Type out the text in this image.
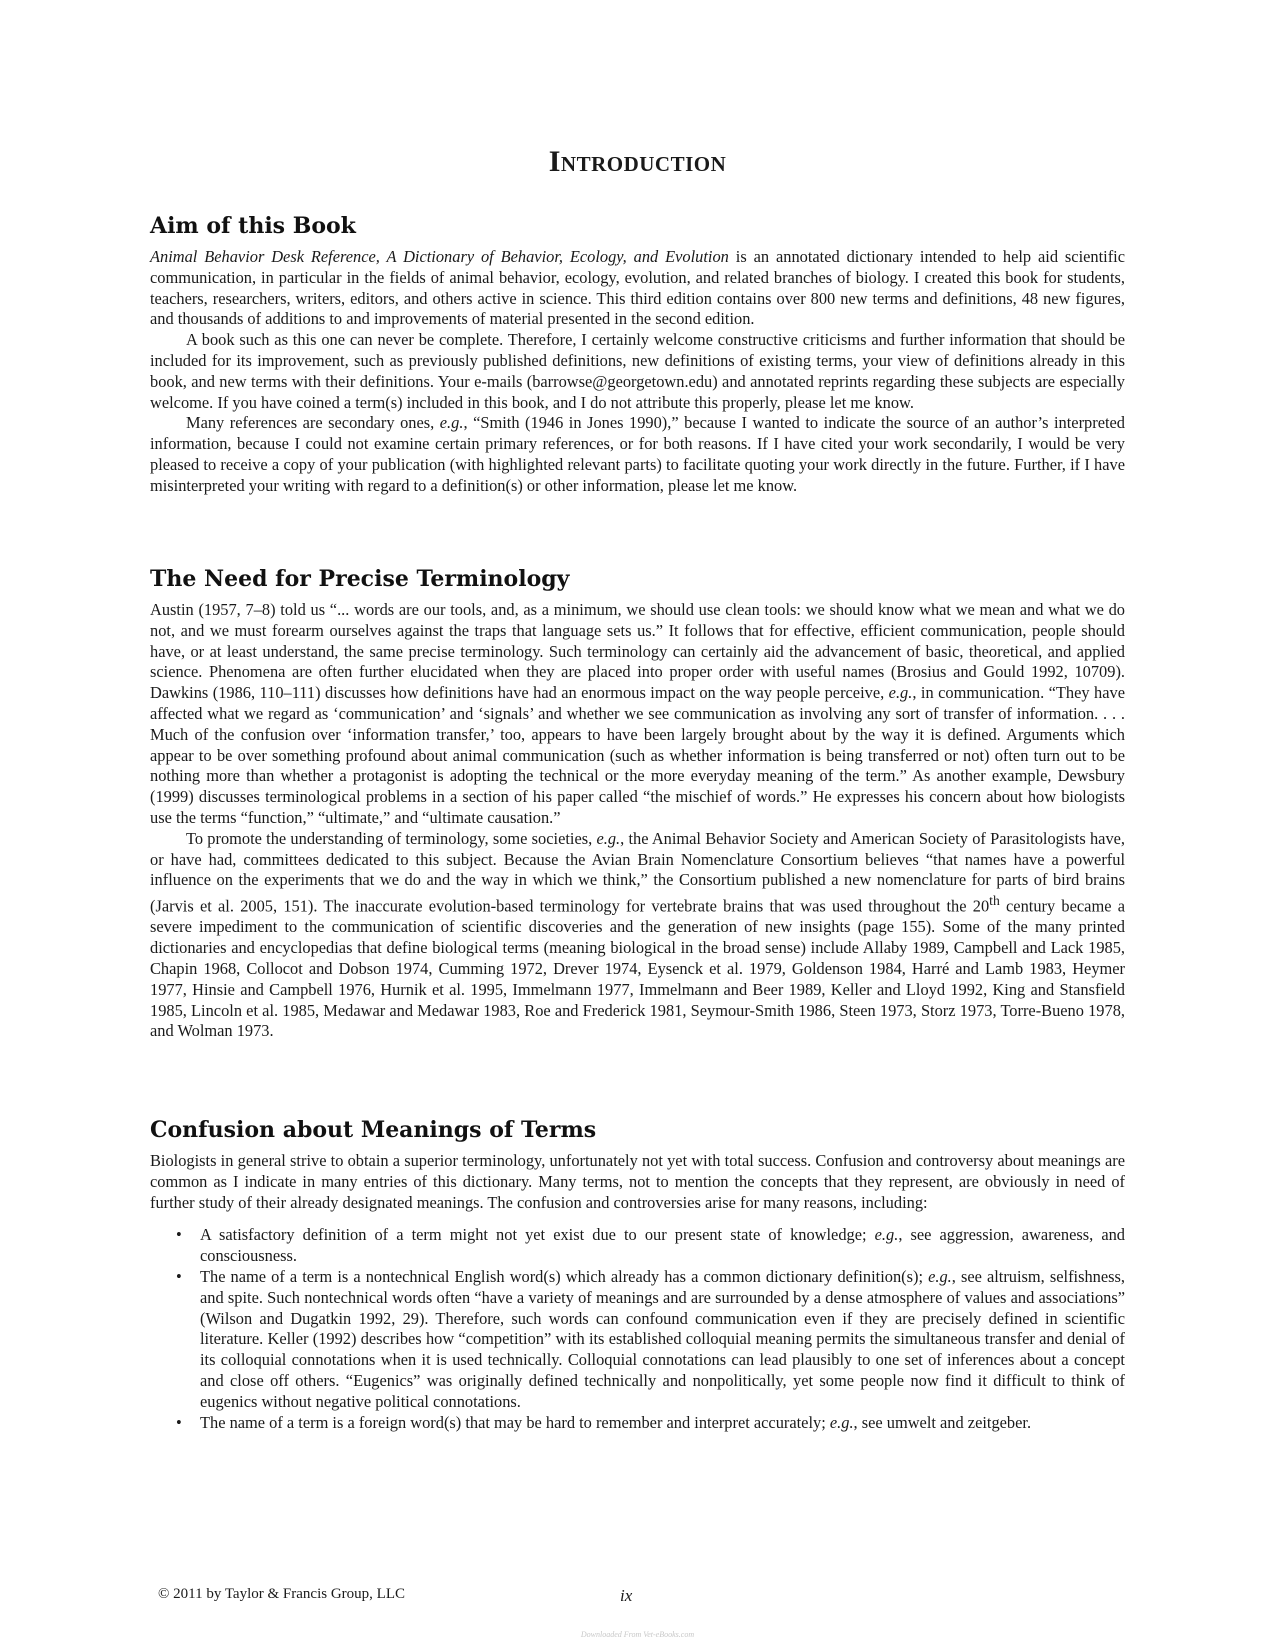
Introduction
Aim of this Book

Animal Behavior Desk Reference, A Dictionary of Behavior, Ecology, and Evolution is an annotated dictionary intended to help aid scientific communication, in particular in the fields of animal behavior, ecology, evolution, and related branches of biology. I created this book for students, teachers, researchers, writers, editors, and others active in science. This third edition contains over 800 new terms and definitions, 48 new figures, and thousands of additions to and improvements of material presented in the second edition.

A book such as this one can never be complete. Therefore, I certainly welcome constructive criticisms and further information that should be included for its improvement, such as previously published definitions, new definitions of existing terms, your view of definitions already in this book, and new terms with their definitions. Your e-mails (barrowse@georgetown.edu) and annotated reprints regarding these subjects are especially welcome. If you have coined a term(s) included in this book, and I do not attribute this properly, please let me know.

Many references are secondary ones, e.g., “Smith (1946 in Jones 1990),” because I wanted to indicate the source of an author’s interpreted information, because I could not examine certain primary references, or for both reasons. If I have cited your work secondarily, I would be very pleased to receive a copy of your publication (with highlighted relevant parts) to facilitate quoting your work directly in the future. Further, if I have misinterpreted your writing with regard to a definition(s) or other information, please let me know.

The Need for Precise Terminology

Austin (1957, 7–8) told us “... words are our tools, and, as a minimum, we should use clean tools: we should know what we mean and what we do not, and we must forearm ourselves against the traps that language sets us.” It follows that for effective, efficient communication, people should have, or at least understand, the same precise terminology. Such terminology can certainly aid the advancement of basic, theoretical, and applied science. Phenomena are often further elucidated when they are placed into proper order with useful names (Brosius and Gould 1992, 10709). Dawkins (1986, 110–111) discusses how definitions have had an enormous impact on the way people perceive, e.g., in communication. “They have affected what we regard as ‘communication’ and ‘signals’ and whether we see communication as involving any sort of transfer of information. . . . Much of the confusion over ‘information transfer,’ too, appears to have been largely brought about by the way it is defined. Arguments which appear to be over something profound about animal communication (such as whether information is being transferred or not) often turn out to be nothing more than whether a protagonist is adopting the technical or the more everyday meaning of the term.” As another example, Dewsbury (1999) discusses terminological problems in a section of his paper called “the mischief of words.” He expresses his concern about how biologists use the terms “function,” “ultimate,” and “ultimate causation.”

To promote the understanding of terminology, some societies, e.g., the Animal Behavior Society and American Society of Parasitologists have, or have had, committees dedicated to this subject. Because the Avian Brain Nomenclature Consortium believes “that names have a powerful influence on the experiments that we do and the way in which we think,” the Consortium published a new nomenclature for parts of bird brains (Jarvis et al. 2005, 151). The inaccurate evolution-based terminology for vertebrate brains that was used throughout the 20th century became a severe impediment to the communication of scientific discoveries and the generation of new insights (page 155). Some of the many printed dictionaries and encyclopedias that define biological terms (meaning biological in the broad sense) include Allaby 1989, Campbell and Lack 1985, Chapin 1968, Collocot and Dobson 1974, Cumming 1972, Drever 1974, Eysenck et al. 1979, Goldenson 1984, Harré and Lamb 1983, Heymer 1977, Hinsie and Campbell 1976, Hurnik et al. 1995, Immelmann 1977, Immelmann and Beer 1989, Keller and Lloyd 1992, King and Stansfield 1985, Lincoln et al. 1985, Medawar and Medawar 1983, Roe and Frederick 1981, Seymour-Smith 1986, Steen 1973, Storz 1973, Torre-Bueno 1978, and Wolman 1973.

Confusion about Meanings of Terms

Biologists in general strive to obtain a superior terminology, unfortunately not yet with total success. Confusion and controversy about meanings are common as I indicate in many entries of this dictionary. Many terms, not to mention the concepts that they represent, are obviously in need of further study of their already designated meanings. The confusion and controversies arise for many reasons, including:

• A satisfactory definition of a term might not yet exist due to our present state of knowledge; e.g., see aggression, awareness, and consciousness.
• The name of a term is a nontechnical English word(s) which already has a common dictionary definition(s); e.g., see altruism, selfishness, and spite. Such nontechnical words often “have a variety of meanings and are surrounded by a dense atmosphere of values and associations” (Wilson and Dugatkin 1992, 29). Therefore, such words can confound communication even if they are precisely defined in scientific literature. Keller (1992) describes how “competition” with its established colloquial meaning permits the simultaneous transfer and denial of its colloquial connotations when it is used technically. Colloquial connotations can lead plausibly to one set of inferences about a concept and close off others. “Eugenics” was originally defined technically and nonpolitically, yet some people now find it difficult to think of eugenics without negative political connotations.
• The name of a term is a foreign word(s) that may be hard to remember and interpret accurately; e.g., see umwelt and zeitgeber.
© 2011 by Taylor & Francis Group, LLC	ix
Downloaded From Vet-eBooks.com
